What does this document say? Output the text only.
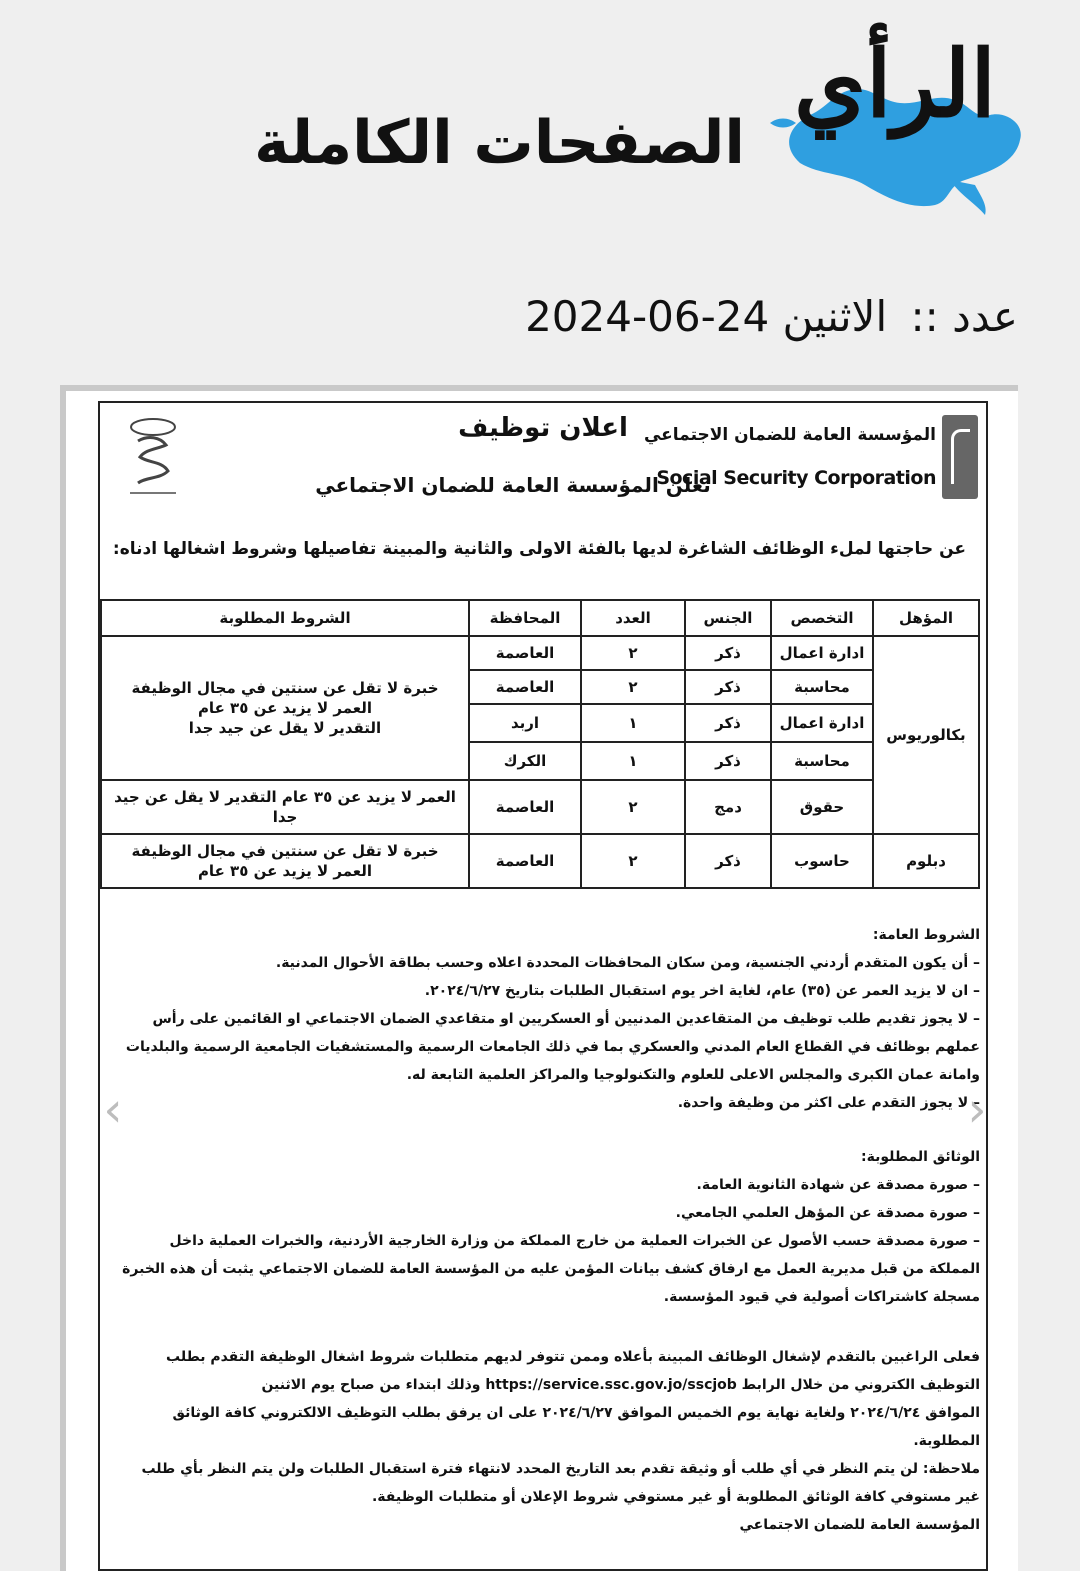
الرأي
الصفحات الكاملة
عدد :: الاثنين 2024-06-24
المؤسسة العامة للضمان الاجتماعي
Social Security Corporation
اعلان توظيف
تعلن المؤسسة العامة للضمان الاجتماعي
عن حاجتها لملء الوظائف الشاغرة لديها بالفئة الاولى والثانية والمبينة تفاصيلها وشروط اشغالها ادناه:
المؤهل	التخصص	الجنس	العدد	المحافظة	الشروط المطلوبة
بكالوريوس	ادارة اعمال	ذكر	٢	العاصمة	خبرة لا تقل عن سنتين في مجال الوظيفة
العمر لا يزيد عن ٣٥ عام
التقدير لا يقل عن جيد جدا

	محاسبة	ذكر	٢	العاصمة	
	ادارة اعمال	ذكر	١	اربد	
	محاسبة	ذكر	١	الكرك	
	حقوق	دمج	٢	العاصمة	العمر لا يزيد عن ٣٥ عام التقدير لا يقل عن جيد جدا
دبلوم	حاسوب	ذكر	٢	العاصمة	خبرة لا تقل عن سنتين في مجال الوظيفة
العمر لا يزيد عن ٣٥ عام

الشروط العامة:

– أن يكون المتقدم أردني الجنسية، ومن سكان المحافظات المحددة اعلاه وحسب بطاقة الأحوال المدنية.

– ان لا يزيد العمر عن (٣٥) عام، لغاية اخر يوم استقبال الطلبات بتاريخ ٢٠٢٤/٦/٢٧.

– لا يجوز تقديم طلب توظيف من المتقاعدين المدنيين أو العسكريين او متقاعدي الضمان الاجتماعي او القائمين على رأس

عملهم بوظائف في القطاع العام المدني والعسكري بما في ذلك الجامعات الرسمية والمستشفيات الجامعية الرسمية والبلديات

وامانة عمان الكبرى والمجلس الاعلى للعلوم والتكنولوجيا والمراكز العلمية التابعة له.

– لا يجوز التقدم على اكثر من وظيفة واحدة.

الوثائق المطلوبة:

– صورة مصدقة عن شهادة الثانوية العامة.

– صورة مصدقة عن المؤهل العلمي الجامعي.

– صورة مصدقة حسب الأصول عن الخبرات العملية من خارج المملكة من وزارة الخارجية الأردنية، والخبرات العملية داخل

المملكة من قبل مديرية العمل مع ارفاق كشف بيانات المؤمن عليه من المؤسسة العامة للضمان الاجتماعي يثبت أن هذه الخبرة

مسجلة كاشتراكات أصولية في قيود المؤسسة.

فعلى الراغبين بالتقدم لإشغال الوظائف المبينة بأعلاه وممن تتوفر لديهم متطلبات شروط اشغال الوظيفة التقدم بطلب

التوظيف الكتروني من خلال الرابط https://service.ssc.gov.jo/sscjob وذلك ابتداء من صباح يوم الاثنين

الموافق ٢٠٢٤/٦/٢٤ ولغاية نهاية يوم الخميس الموافق ٢٠٢٤/٦/٢٧ على ان يرفق بطلب التوظيف الالكتروني كافة الوثائق

المطلوبة.

ملاحظة: لن يتم النظر في أي طلب أو وثيقة تقدم بعد التاريخ المحدد لانتهاء فترة استقبال الطلبات ولن يتم النظر بأي طلب

غير مستوفي كافة الوثائق المطلوبة أو غير مستوفي شروط الإعلان أو متطلبات الوظيفة.

المؤسسة العامة للضمان الاجتماعي

‹	›
